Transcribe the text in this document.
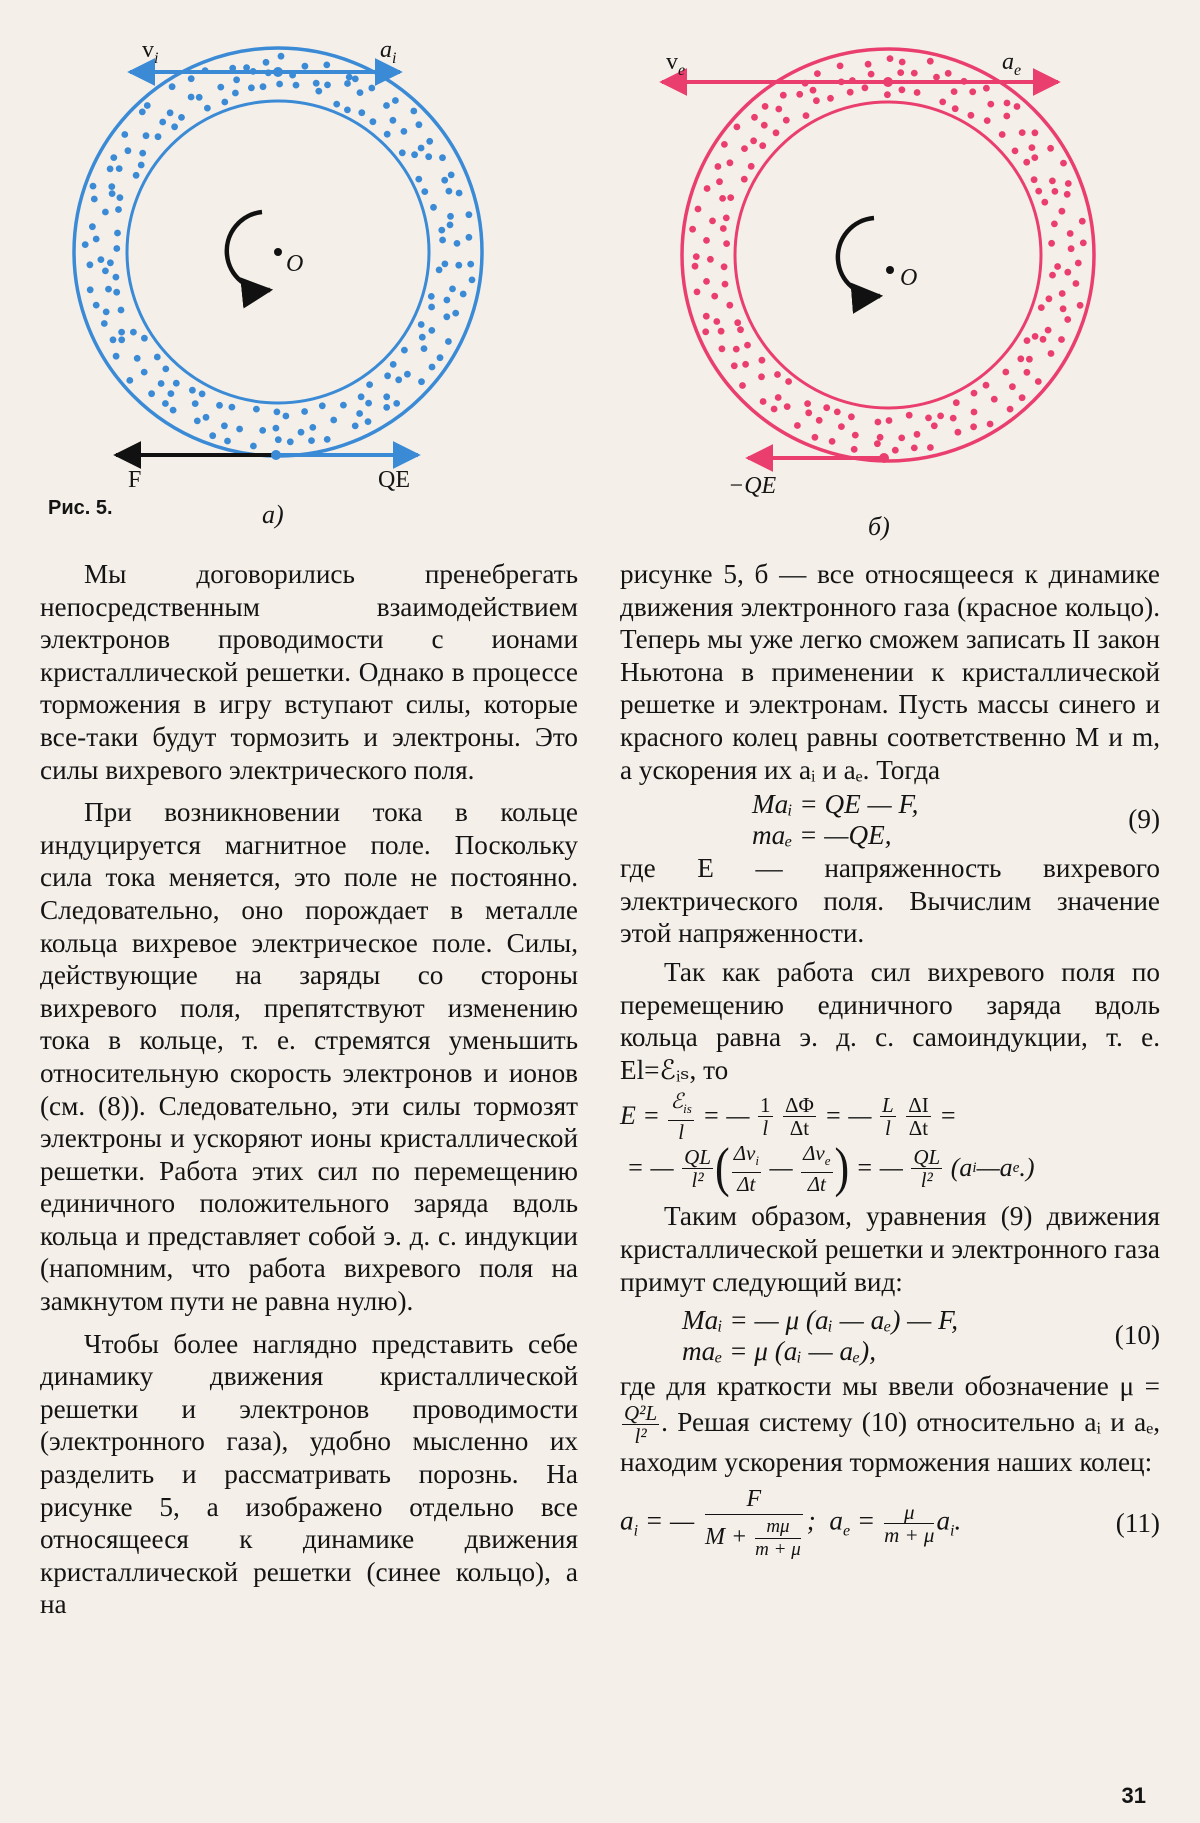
$v_i$	$a_i$
O
F	QE
а)
Рис. 5.
$v_e$	$a_e$
O
−QE
б)

Мы договорились пренебрегать непосредственным взаимодействием электронов проводимости с ионами кристаллической решетки. Однако в процессе торможения в игру вступают силы, которые все-таки будут тормозить и электроны. Это силы вихревого электрического поля.

При возникновении тока в кольце индуцируется магнитное поле. Поскольку сила тока меняется, это поле не постоянно. Следовательно, оно порождает в металле кольца вихревое электрическое поле. Силы, действующие на заряды со стороны вихревого поля, препятствуют изменению тока в кольце, т. е. стремятся уменьшить относительную скорость электронов и ионов (см. (8)). Следовательно, эти силы тормозят электроны и ускоряют ионы кристаллической решетки. Работа этих сил по перемещению единичного положительного заряда вдоль кольца и представляет собой э. д. с. индукции (напомним, что работа вихревого поля на замкнутом пути не равна нулю).

Чтобы более наглядно представить себе динамику движения кристаллической решетки и электронов проводимости (электронного газа), удобно мысленно их разделить и рассматривать порознь. На рисунке 5, а изображено отдельно все относящееся к динамике движения кристаллической решетки (синее кольцо), а на

рисунке 5, б — все относящееся к динамике движения электронного газа (красное кольцо). Теперь мы уже легко сможем записать II закон Ньютона в применении к кристаллической решетке и электронам. Пусть массы синего и красного колец равны соответственно M и m, а ускорения их aᵢ и aₑ. Тогда

Maᵢ = QE — F,
maₑ = —QE,
(9)

где E — напряженность вихревого электрического поля. Вычислим значение этой напряженности.

Так как работа сил вихревого поля по перемещению единичного заряда вдоль кольца равна э. д. с. самоиндукции, т. е. El=ℰᵢₛ, то

$E = \frac{ℰ_{is}}{l}$ = — $\frac{1}{l}$
$\frac{\Delta\Phi}{\Delta t}$ = — $\frac{L}{l}$
$\frac{\Delta I}{\Delta t}$ =
= — $\frac{QL}{\text{l²}}$ ( $\frac{\Delta v_i}{\Delta t}$ — $\frac{\Delta v_e}{\Delta t}$ ) = — $\frac{QL}{\text{l²}} (a$ i —a e .)

Таким образом, уравнения (9) движения кристаллической решетки и электронного газа примут следующий вид:

Maᵢ = — μ (aᵢ — aₑ) — F,
maₑ = μ (aᵢ — aₑ),
(10)

где для краткости мы ввели обозначение μ =
$\frac{\text{Q²L}}{\text{l²}}$ . Решая систему (10) относительно aᵢ и aₑ, находим ускорения торможения наших колец:

$a_i$ = — $\frac{F}{M + \frac{m\mu}{m + \mu}}$ ;  $a_e = \frac{\mu}{m + \mu} a_i$.	(11)
31
